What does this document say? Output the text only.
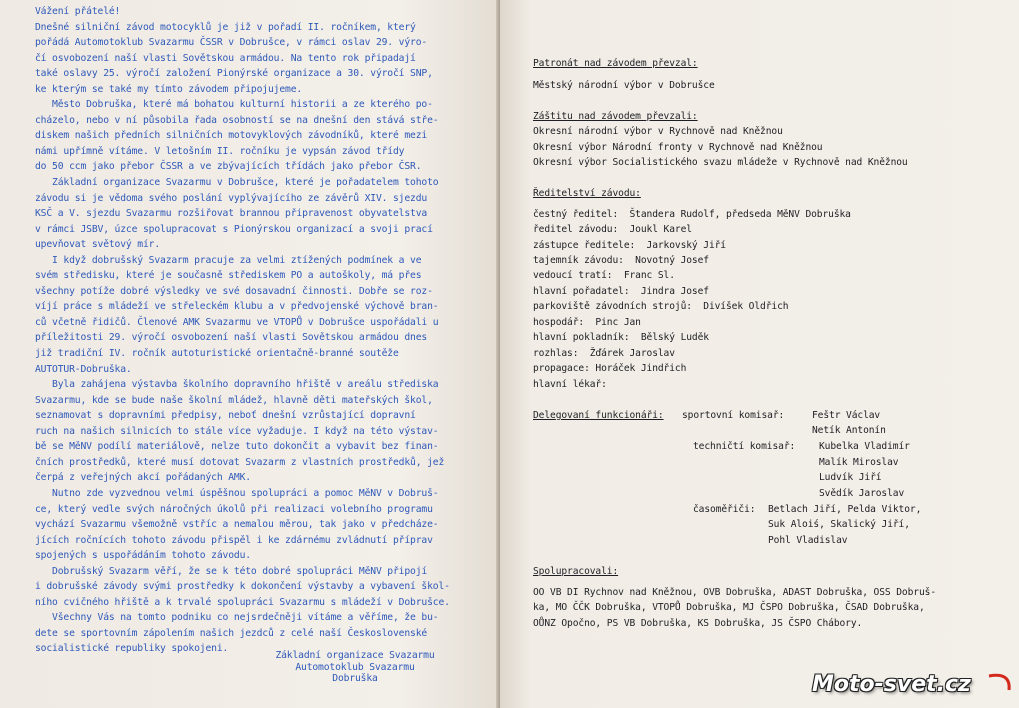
Vážení přátelé!

Dnešné silniční závod motocyklů je již v pořadí II. ročníkem, který

pořádá Automotoklub Svazarmu ČSSR v Dobrušce, v rámci oslav 29. výro-

čí osvobození naší vlasti Sovětskou armádou. Na tento rok připadají

také oslavy 25. výročí založení Pionýrské organizace a 30. výročí SNP,

ke kterým se také my tímto závodem připojujeme.

Město Dobruška, které má bohatou kulturní historii a ze kterého po-

cházelo, nebo v ní působila řada osobností se na dnešní den stává stře-

diskem našich předních silničních motovyklových závodníků, které mezi

námi upřímně vítáme. V letošním II. ročníku je vypsán závod třídy

do 50 ccm jako přebor ČSSR a ve zbývajících třídách jako přebor ČSR.

Základní organizace Svazarmu v Dobrušce, které je pořadatelem tohoto

závodu si je vědoma svého poslání vyplývajícího ze závěrů XIV. sjezdu

KSČ a V. sjezdu Svazarmu rozšiřovat brannou připravenost obyvatelstva

v rámci JSBV, úzce spolupracovat s Pionýrskou organizací a svoji prací

upevňovat světový mír.

I když dobrušský Svazarm pracuje za velmi ztížených podmínek a ve

svém středisku, které je současně střediskem PO a autoškoly, má přes

všechny potíže dobré výsledky ve své dosavadní činnosti. Dobře se roz-

víjí práce s mládeží ve střeleckém klubu a v předvojenské výchově bran-

ců včetně řidičů. Členové AMK Svazarmu ve VTOPŮ v Dobrušce uspořádali u

příležitosti 29. výročí osvobození naší vlasti Sovětskou armádou dnes

již tradiční IV. ročník autoturistické orientačně-branné soutěže

AUTOTUR-Dobruška.

Byla zahájena výstavba školního dopravního hřiště v areálu střediska

Svazarmu, kde se bude naše školní mládež, hlavně děti mateřských škol,

seznamovat s dopravními předpisy, neboť dnešní vzrůstající dopravní

ruch na našich silnicích to stále více vyžaduje. I když na této výstav-

bě se MěNV podílí materiálově, nelze tuto dokončit a vybavit bez finan-

čních prostředků, které musí dotovat Svazarm z vlastních prostředků, jež

čerpá z veřejných akcí pořádaných AMK.

Nutno zde vyzvednou velmi úspěšnou spolupráci a pomoc MěNV v Dobruš-

ce, který vedle svých náročných úkolů při realizaci volebního programu

vychází Svazarmu všemožně vstříc a nemalou měrou, tak jako v předcháze-

jících ročnících tohoto závodu přispěl i ke zdárnému zvládnutí příprav

spojených s uspořádáním tohoto závodu.

Dobrušský Svazarm věří, že se k této dobré spolupráci MěNV připojí

i dobrušské závody svými prostředky k dokončení výstavby a vybavení škol-

ního cvičného hřiště a k trvalé spolupráci Svazarmu s mládeží v Dobrušce.

Všechny Vás na tomto podniku co nejsrdečněji vítáme a věříme, že bu-

dete se sportovním zápolením našich jezdců z celé naší Československé

socialistické republiky spokojeni.

Základní organizace Svazarmu
Automotoklub Svazarmu
Dobruška
Patronát nad závodem převzal:
Městský národní výbor v Dobrušce
Záštitu nad závodem převzali:
Okresní národní výbor v Rychnově nad Kněžnou
Okresní výbor Národní fronty v Rychnově nad Kněžnou
Okresní výbor Socialistického svazu mládeže v Rychnově nad Kněžnou
Ředitelství závodu:
čestný ředitel:  Štandera Rudolf, předseda MěNV Dobruška
ředitel závodu:  Joukl Karel
zástupce ředitele:  Jarkovský Jiří
tajemník závodu:  Novotný Josef
vedoucí tratí:  Franc Sl.
hlavní pořadatel:  Jindra Josef
parkoviště závodních strojů:  Divíšek Oldřich
hospodář:  Pinc Jan
hlavní pokladník:  Bělský Luděk
rozhlas:  Žďárek Jaroslav
propagace: Horáček Jindřich
hlavní lékař:
Delegovaní funkcionáři: sportovní komisař:	Feštr Václav
Netík Antonín
techničtí komisař: Kubelka Vladimír
Malík Miroslav
Ludvík Jiří
Svědík Jaroslav
časoměřiči: Betlach Jiří, Pelda Viktor,
Suk Aloiś, Skalický Jiří,
Pohl Vladislav
Spolupracovali:
OO VB DI Rychnov nad Kněžnou, OVB Dobruška, ADAST Dobruška, OSS Dobruš-
ka, MO ČČK Dobruška, VTOPŮ Dobruška, MJ ČSPO Dobruška, ČSAD Dobruška,
OŮNZ Opočno, PS VB Dobruška, KS Dobruška, JS ČSPO Chábory.
Moto-svet.cz
